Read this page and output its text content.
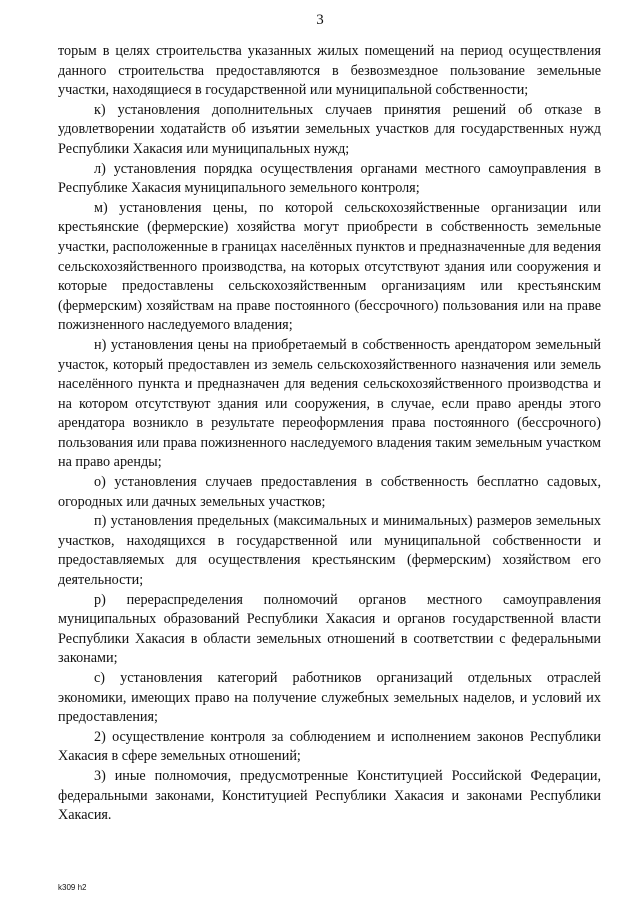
3

торым в целях строительства указанных жилых помещений на период осуществления данного строительства предоставляются в безвозмездное пользование земельные участки, находящиеся в государственной или муниципальной собственности;

к) установления дополнительных случаев принятия решений об отказе в удовлетворении ходатайств об изъятии земельных участков для государственных нужд Республики Хакасия или муниципальных нужд;

л) установления порядка осуществления органами местного самоуправления в Республике Хакасия муниципального земельного контроля;

м) установления цены, по которой сельскохозяйственные организации или крестьянские (фермерские) хозяйства могут приобрести в собственность земельные участки, расположенные в границах населённых пунктов и предназначенные для ведения сельскохозяйственного производства, на которых отсутствуют здания или сооружения и которые предоставлены сельскохозяйственным организациям или крестьянским (фермерским) хозяйствам на праве постоянного (бессрочного) пользования или на праве пожизненного наследуемого владения;

н) установления цены на приобретаемый в собственность арендатором земельный участок, который предоставлен из земель сельскохозяйственного назначения или земель населённого пункта и предназначен для ведения сельскохозяйственного производства и на котором отсутствуют здания или сооружения, в случае, если право аренды этого арендатора возникло в результате переоформления права постоянного (бессрочного) пользования или права пожизненного наследуемого владения таким земельным участком на право аренды;

о) установления случаев предоставления в собственность бесплатно садовых, огородных или дачных земельных участков;

п) установления предельных (максимальных и минимальных) размеров земельных участков, находящихся в государственной или муниципальной собственности и предоставляемых для осуществления крестьянским (фермерским) хозяйством его деятельности;

р) перераспределения полномочий органов местного самоуправления муниципальных образований Республики Хакасия и органов государственной власти Республики Хакасия в области земельных отношений в соответствии с федеральными законами;

с) установления категорий работников организаций отдельных отраслей экономики, имеющих право на получение служебных земельных наделов, и условий их предоставления;

2) осуществление контроля за соблюдением и исполнением законов Республики Хакасия в сфере земельных отношений;

3) иные полномочия, предусмотренные Конституцией Российской Федерации, федеральными законами, Конституцией Республики Хакасия и законами Республики Хакасия.

k309 h2
